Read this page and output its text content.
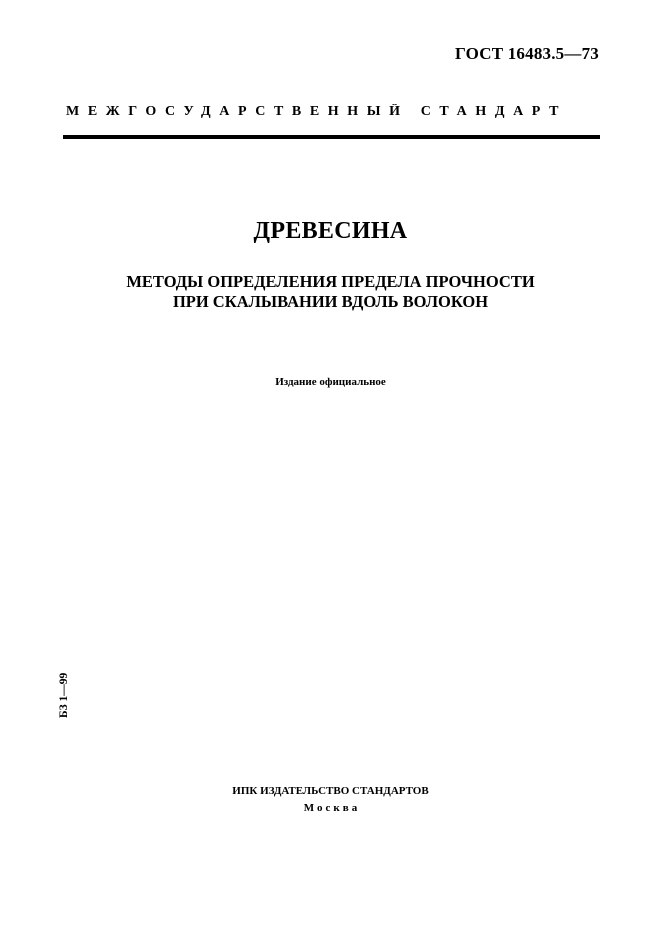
ГОСТ 16483.5—73
МЕЖГОСУДАРСТВЕННЫЙ СТАНДАРТ
ДРЕВЕСИНА
МЕТОДЫ ОПРЕДЕЛЕНИЯ ПРЕДЕЛА ПРОЧНОСТИ
ПРИ СКАЛЫВАНИИ ВДОЛЬ ВОЛОКОН
Издание официальное
БЗ 1—99
ИПК ИЗДАТЕЛЬСТВО СТАНДАРТОВ
Москва
